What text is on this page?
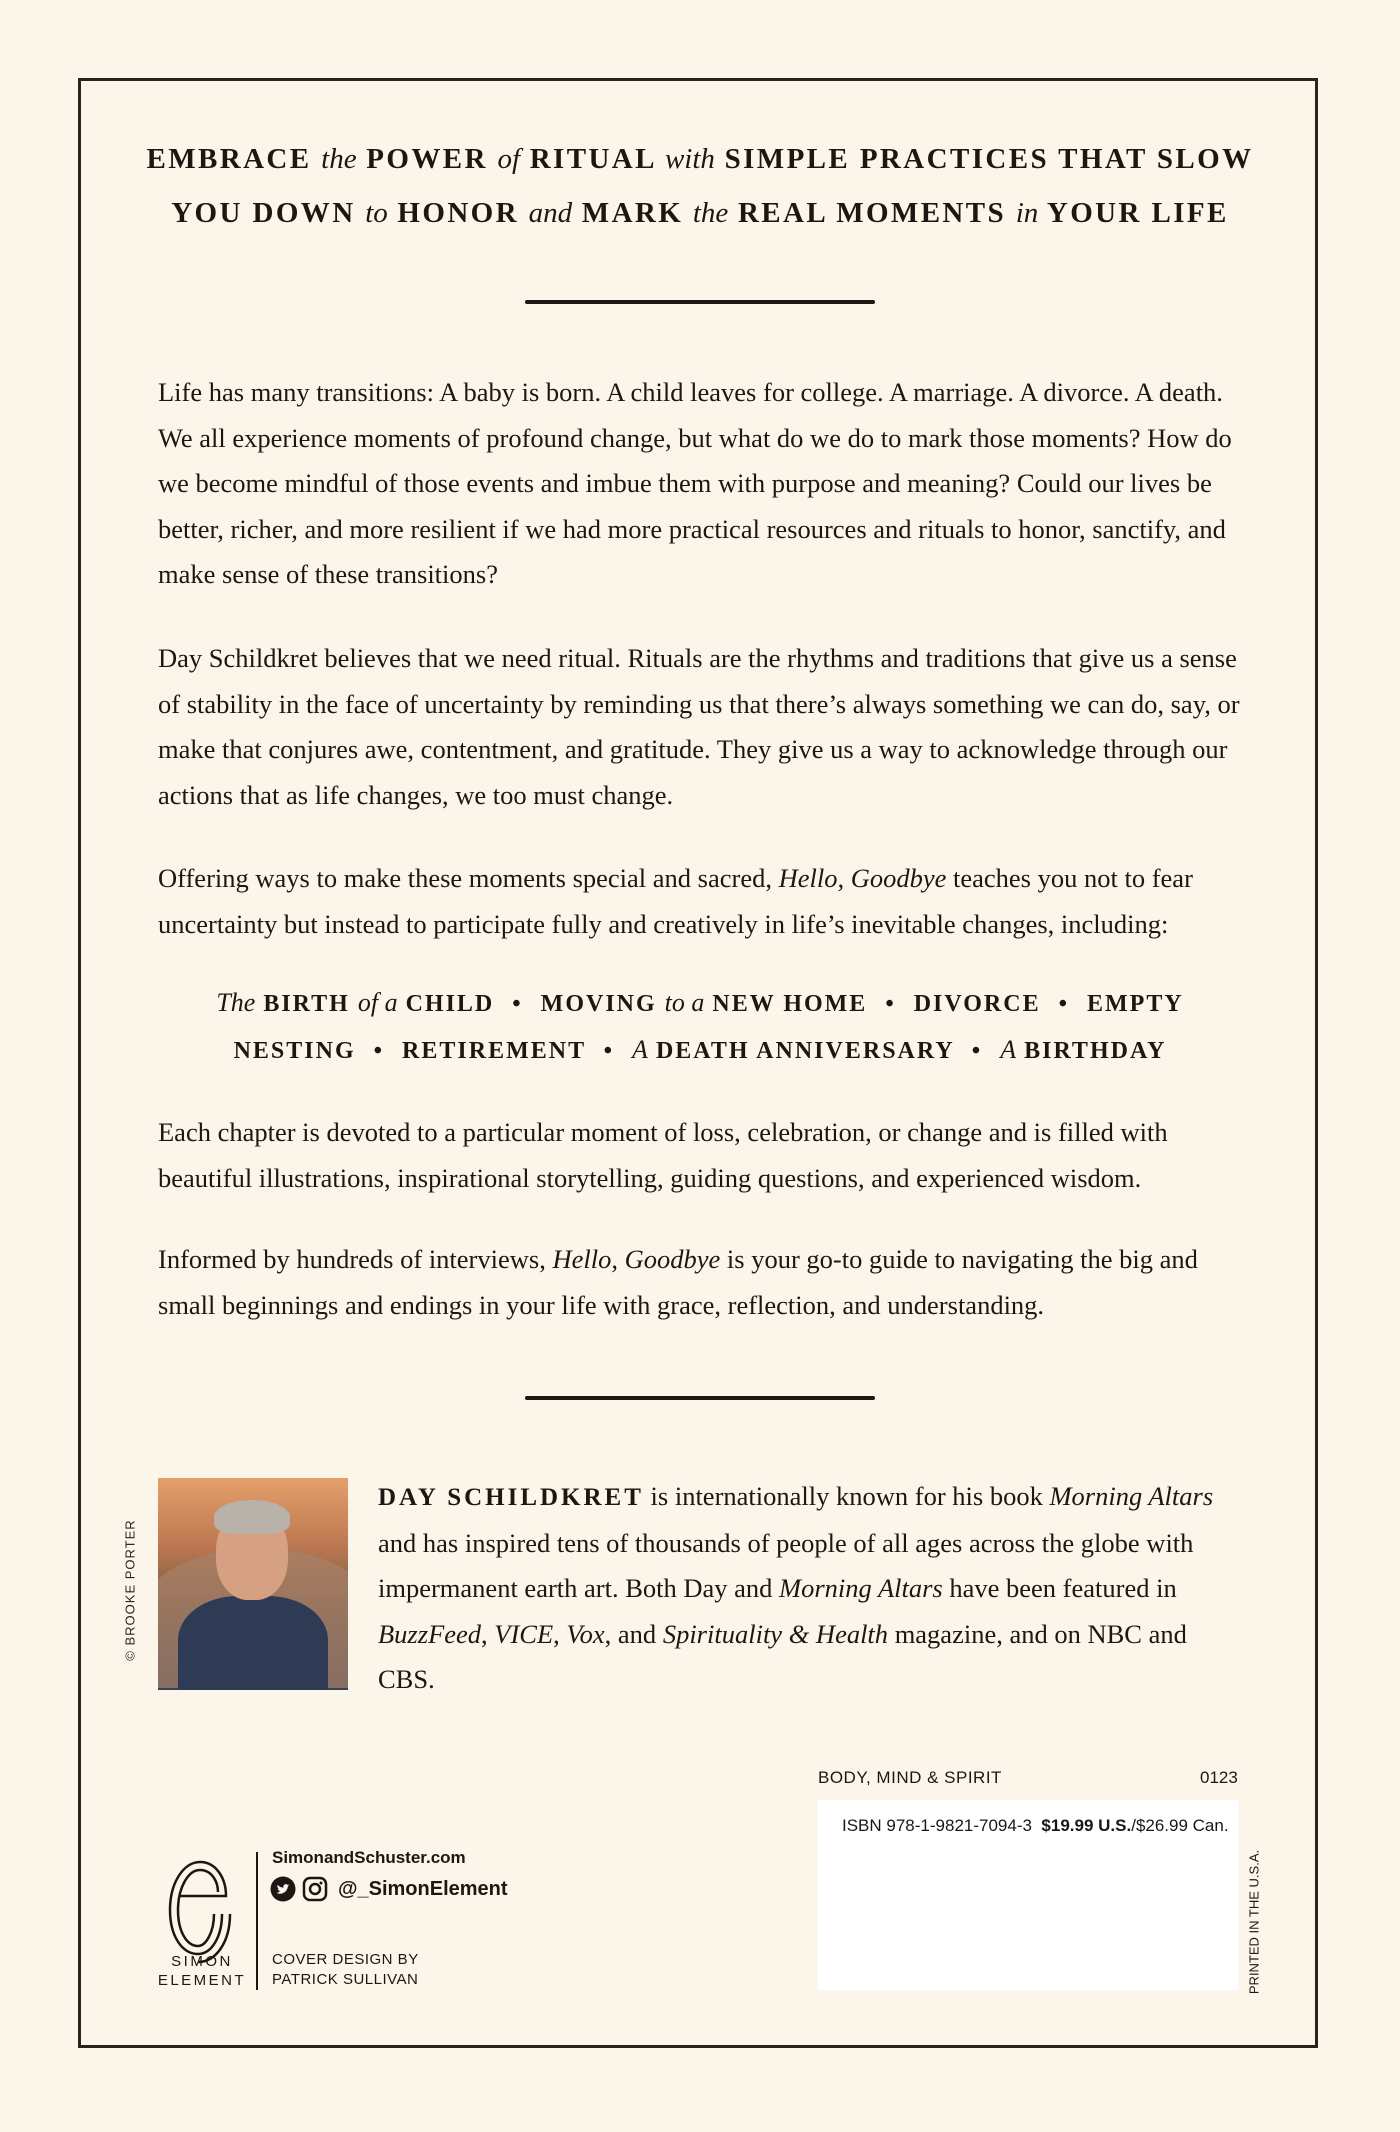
EMBRACE the POWER of RITUAL with SIMPLE PRACTICES THAT SLOW
YOU DOWN to HONOR and MARK the REAL MOMENTS in YOUR LIFE

Life has many transitions: A baby is born. A child leaves for college. A marriage. A divorce. A death. We all experience moments of profound change, but what do we do to mark those moments? How do we become mindful of those events and imbue them with purpose and meaning? Could our lives be better, richer, and more resilient if we had more practical resources and rituals to honor, sanctify, and make sense of these transitions?

Day Schildkret believes that we need ritual. Rituals are the rhythms and traditions that give us a sense of stability in the face of uncertainty by reminding us that there’s always something we can do, say, or make that conjures awe, contentment, and gratitude. They give us a way to acknowledge through our actions that as life changes, we too must change.

Offering ways to make these moments special and sacred, Hello, Goodbye teaches you not to fear uncertainty but instead to participate fully and creatively in life’s inevitable changes, including:

The BIRTH of a CHILD • MOVING to a NEW HOME • DIVORCE • EMPTY
NESTING • RETIREMENT • A DEATH ANNIVERSARY • A BIRTHDAY

Each chapter is devoted to a particular moment of loss, celebration, or change and is filled with beautiful illustrations, inspirational storytelling, guiding questions, and experienced wisdom.

Informed by hundreds of interviews, Hello, Goodbye is your go-to guide to navigating the big and small beginnings and endings in your life with grace, reflection, and understanding.

© BROOKE PORTER

DAY SCHILDKRET is internationally known for his book Morning Altars and has inspired tens of thousands of people of all ages across the globe with impermanent earth art. Both Day and Morning Altars have been featured in BuzzFeed, VICE, Vox, and Spirituality & Health magazine, and on NBC and CBS.

SIMON
ELEMENT
SimonandSchuster.com
@_SimonElement
COVER DESIGN BY
PATRICK SULLIVAN
BODY, MIND & SPIRIT	0123
ISBN 978-1-9821-7094-3 $19.99 U.S./$26.99 Can.
PRINTED IN THE U.S.A.
